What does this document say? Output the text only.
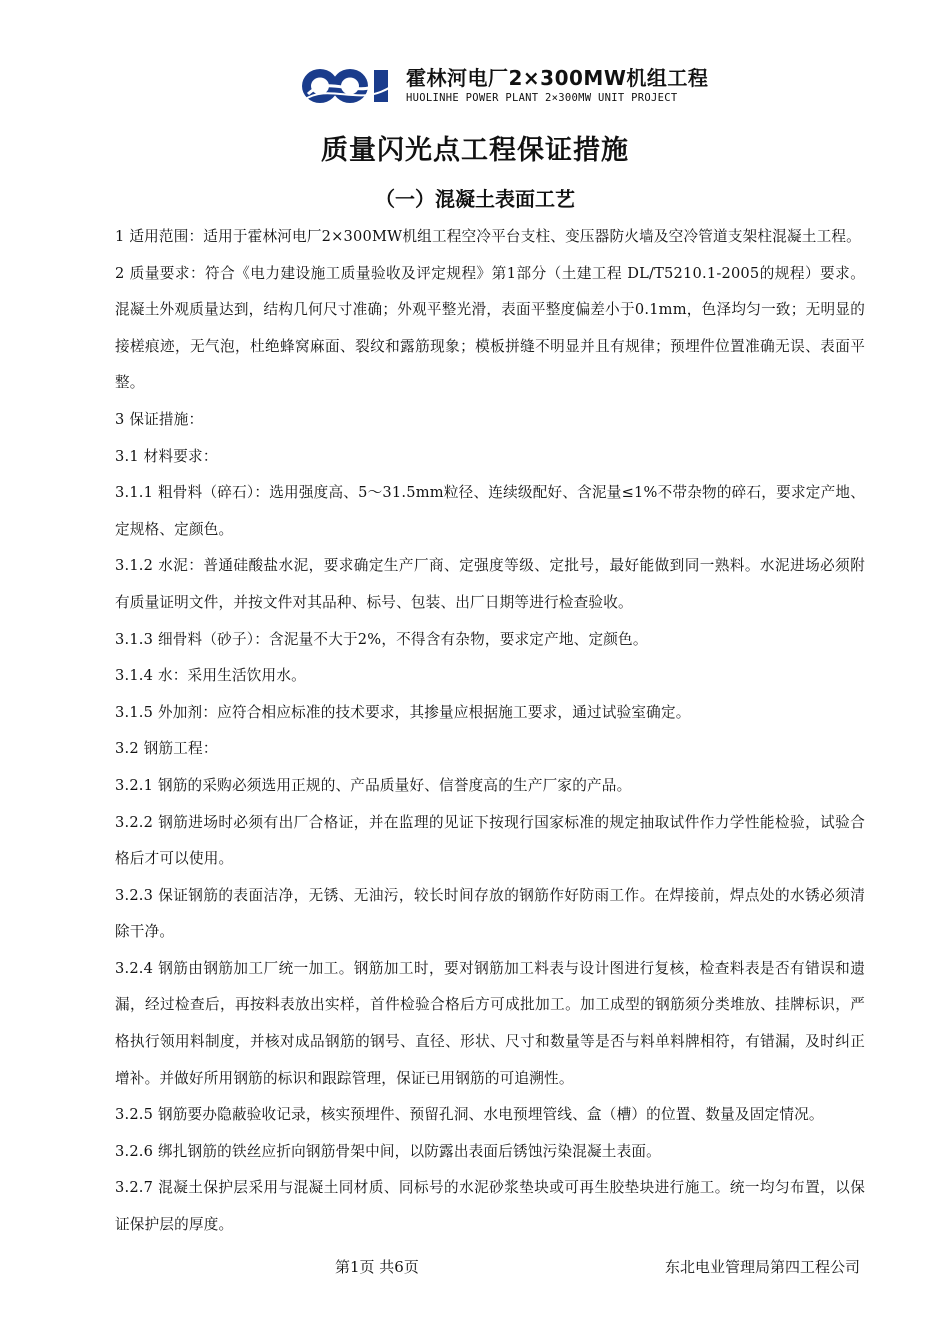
霍林河电厂2×300MW机组工程
HUOLINHE POWER PLANT 2×300MW UNIT PROJECT
质量闪光点工程保证措施
（一）混凝土表面工艺

1 适用范围：适用于霍林河电厂2×300MW机组工程空冷平台支柱、变压器防火墙及空冷管道支架柱混凝土工程。

2 质量要求：符合《电力建设施工质量验收及评定规程》第1部分（土建工程 DL/T5210.1-2005的规程）要求。混凝土外观质量达到，结构几何尺寸准确；外观平整光滑，表面平整度偏差小于0.1mm，色泽均匀一致；无明显的接槎痕迹，无气泡，杜绝蜂窝麻面、裂纹和露筋现象；模板拼缝不明显并且有规律；预埋件位置准确无误、表面平整。

3 保证措施：

3.1 材料要求：

3.1.1 粗骨料（碎石）：选用强度高、5～31.5mm粒径、连续级配好、含泥量≤1%不带杂物的碎石，要求定产地、定规格、定颜色。

3.1.2 水泥：普通硅酸盐水泥，要求确定生产厂商、定强度等级、定批号，最好能做到同一熟料。水泥进场必须附有质量证明文件，并按文件对其品种、标号、包装、出厂日期等进行检查验收。

3.1.3 细骨料（砂子）：含泥量不大于2%，不得含有杂物，要求定产地、定颜色。

3.1.4 水：采用生活饮用水。

3.1.5 外加剂：应符合相应标准的技术要求，其掺量应根据施工要求，通过试验室确定。

3.2 钢筋工程：

3.2.1 钢筋的采购必须选用正规的、产品质量好、信誉度高的生产厂家的产品。

3.2.2 钢筋进场时必须有出厂合格证，并在监理的见证下按现行国家标准的规定抽取试件作力学性能检验，试验合格后才可以使用。

3.2.3 保证钢筋的表面洁净，无锈、无油污，较长时间存放的钢筋作好防雨工作。在焊接前，焊点处的水锈必须清除干净。

3.2.4 钢筋由钢筋加工厂统一加工。钢筋加工时，要对钢筋加工料表与设计图进行复核，检查料表是否有错误和遗漏，经过检查后，再按料表放出实样，首件检验合格后方可成批加工。加工成型的钢筋须分类堆放、挂牌标识，严格执行领用料制度，并核对成品钢筋的钢号、直径、形状、尺寸和数量等是否与料单料牌相符，有错漏，及时纠正增补。并做好所用钢筋的标识和跟踪管理，保证已用钢筋的可追溯性。

3.2.5 钢筋要办隐蔽验收记录，核实预埋件、预留孔洞、水电预埋管线、盒（槽）的位置、数量及固定情况。

3.2.6 绑扎钢筋的铁丝应折向钢筋骨架中间，以防露出表面后锈蚀污染混凝土表面。

3.2.7 混凝土保护层采用与混凝土同材质、同标号的水泥砂浆垫块或可再生胶垫块进行施工。统一均匀布置，以保证保护层的厚度。

第1页 共6页	东北电业管理局第四工程公司
